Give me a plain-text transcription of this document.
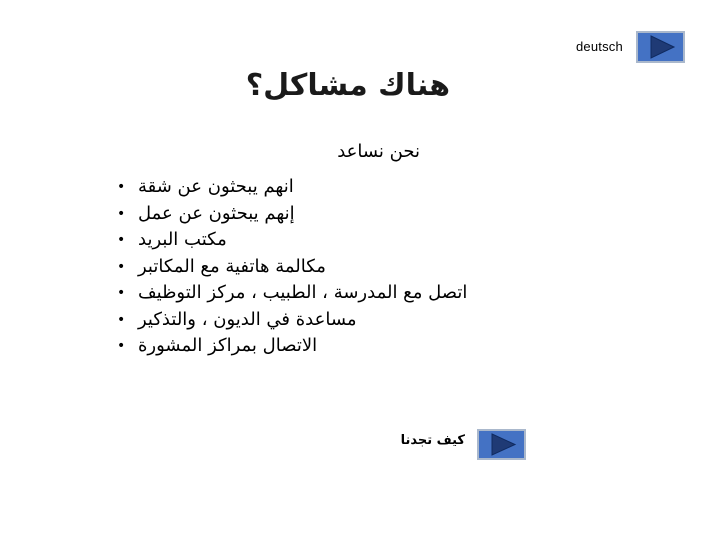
deutsch
هناك مشاكل؟
نحن نساعد
• انهم يبحثون عن شقة
• إنهم يبحثون عن عمل
• مكتب البريد
• مكالمة هاتفية مع المكاتبر
• اتصل مع المدرسة ، الطبيب ، مركز التوظيف
• مساعدة في الديون ، والتذكير
• الاتصال بمراكز المشورة
كيف تجدنا
